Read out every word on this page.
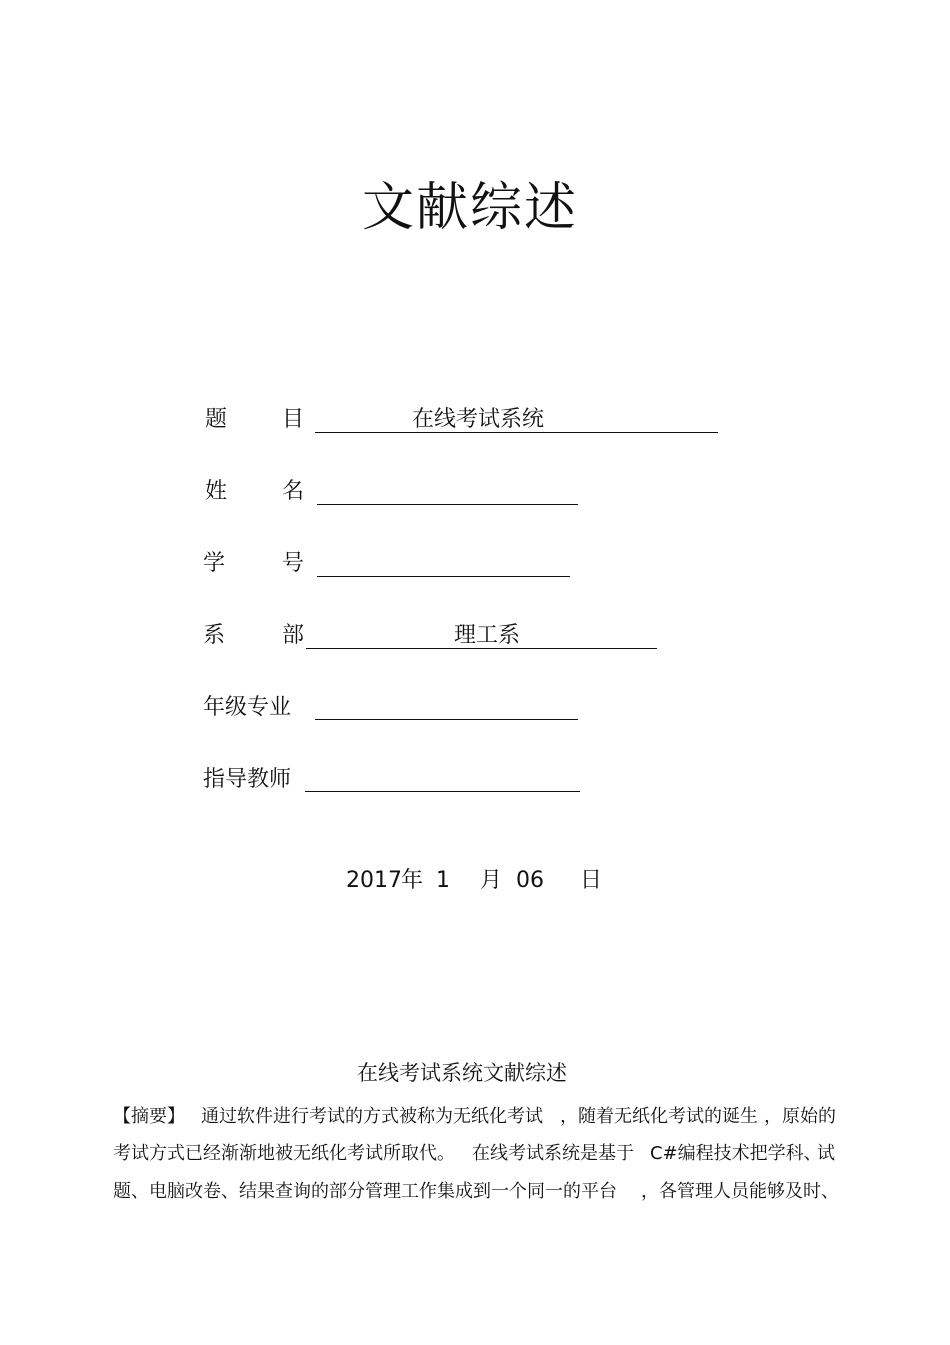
文献综述
题 目	在线考试系统
姓 名
学	号
系	部	理工系
年级专业
指导教师
2017 年 1 月 06 日
在线考试系统文献综述
【摘要】 通过软件进行考试的方式被称为无纸化考试 ，随着无纸化考试的诞生 ，原始的
考试方式已经渐渐地被无纸化考试所取代。 在线考试系统是基于 C#编程技术把学科、
试
题、电脑改卷、结果查询的部分管理工作集成到一个同一的平台 ，各管理人员能够及时、
